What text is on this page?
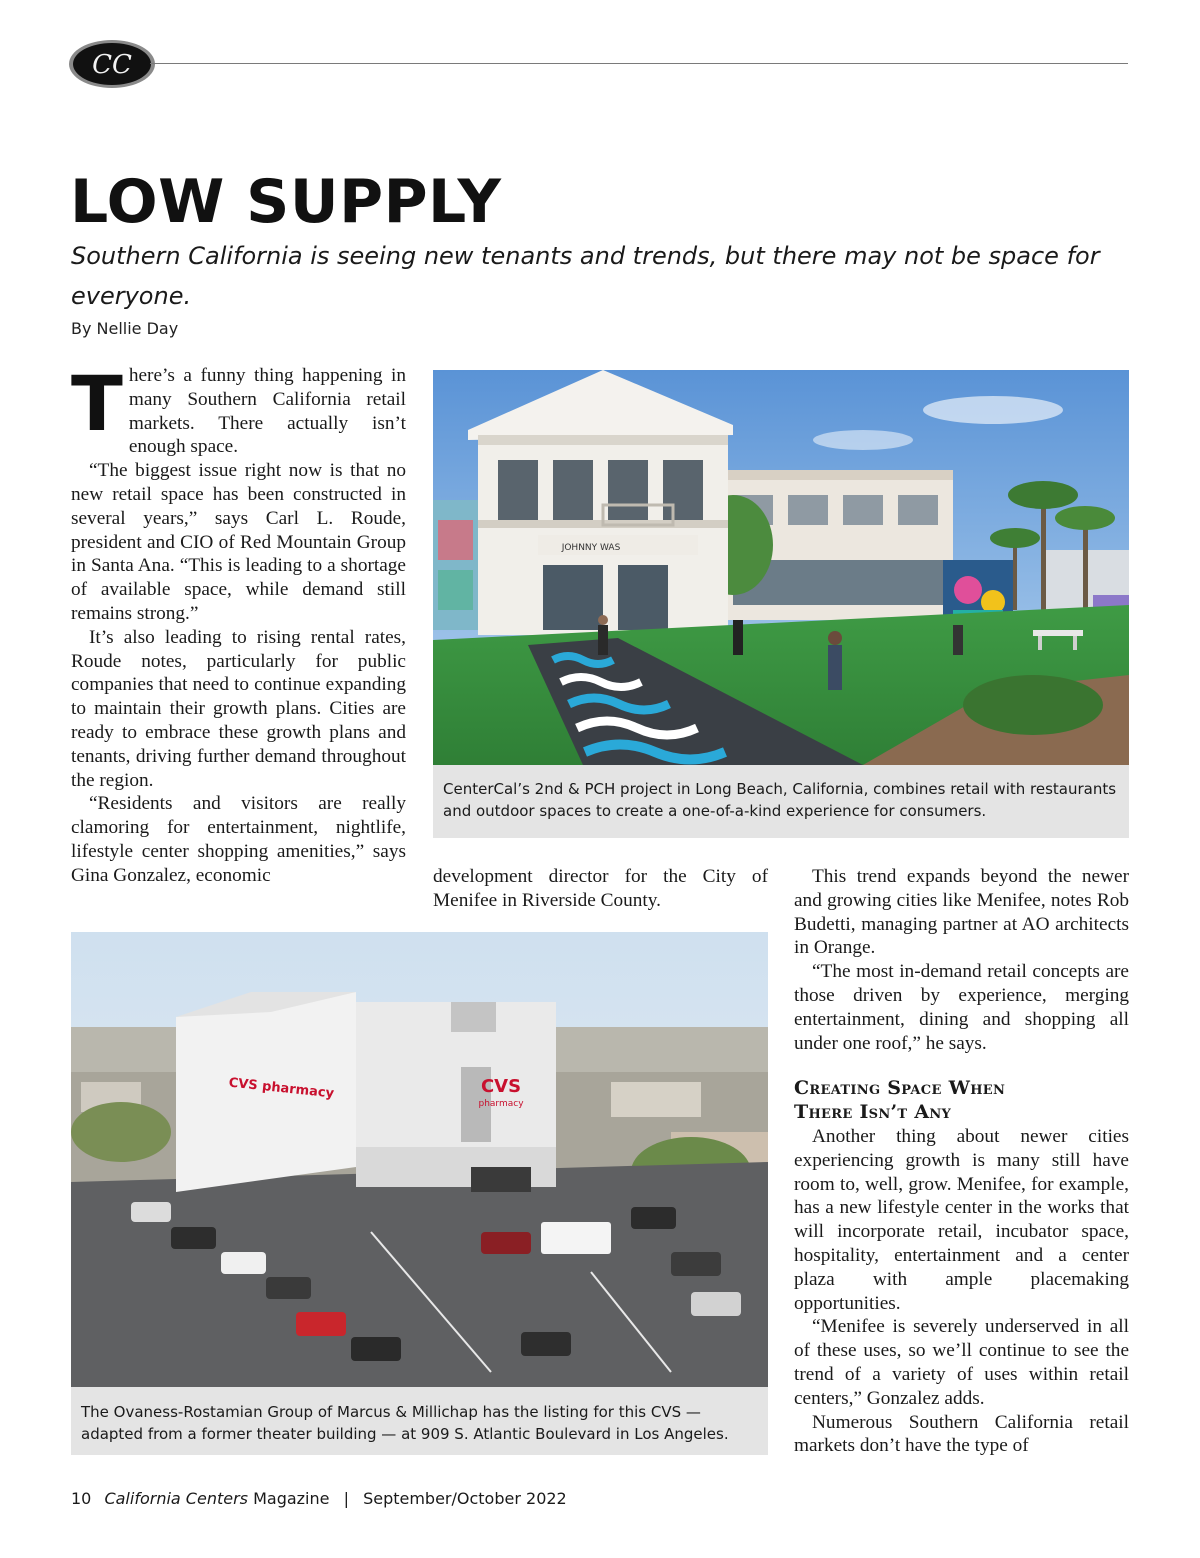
CC
LOW SUPPLY

Southern California is seeing new tenants and trends, but there may not be space for everyone.

By Nellie Day

There’s a funny thing happening in many Southern California retail markets. There actually isn’t enough space.

“The biggest issue right now is that no new retail space has been constructed in several years,” says Carl L. Roude, president and CIO of Red Mountain Group in Santa Ana. “This is leading to a shortage of available space, while demand still remains strong.”

It’s also leading to rising rental rates, Roude notes, particularly for public companies that need to continue expanding to maintain their growth plans. Cities are ready to embrace these growth plans and tenants, driving further demand throughout the region.

“Residents and visitors are really clamoring for entertainment, nightlife, lifestyle center shopping amenities,” says Gina Gonzalez, economic

JOHNNY WAS
CenterCal’s 2nd & PCH project in Long Beach, California, combines retail with restaurants and outdoor spaces to create a one-of-a-kind experience for consumers.

development director for the City of Menifee in Riverside County.

CVS
pharmacy
CVS pharmacy
The Ovaness-Rostamian Group of Marcus & Millichap has the listing for this CVS — adapted from a former theater building — at 909 S. Atlantic Boulevard in Los Angeles.

This trend expands beyond the newer and growing cities like Menifee, notes Rob Budetti, managing partner at AO architects in Orange.

“The most in-demand retail concepts are those driven by experience, merging entertainment, dining and shopping all under one roof,” he says.

Creating Space When
There Isn’t Any

Another thing about newer cities experiencing growth is many still have room to, well, grow. Menifee, for example, has a new lifestyle center in the works that will incorporate retail, incubator space, hospitality, entertainment and a center plaza with ample placemaking opportunities.

“Menifee is severely underserved in all of these uses, so we’ll continue to see the trend of a variety of uses within retail centers,” Gonzalez adds.

Numerous Southern California retail markets don’t have the type of

10 California Centers Magazine | September/October 2022
